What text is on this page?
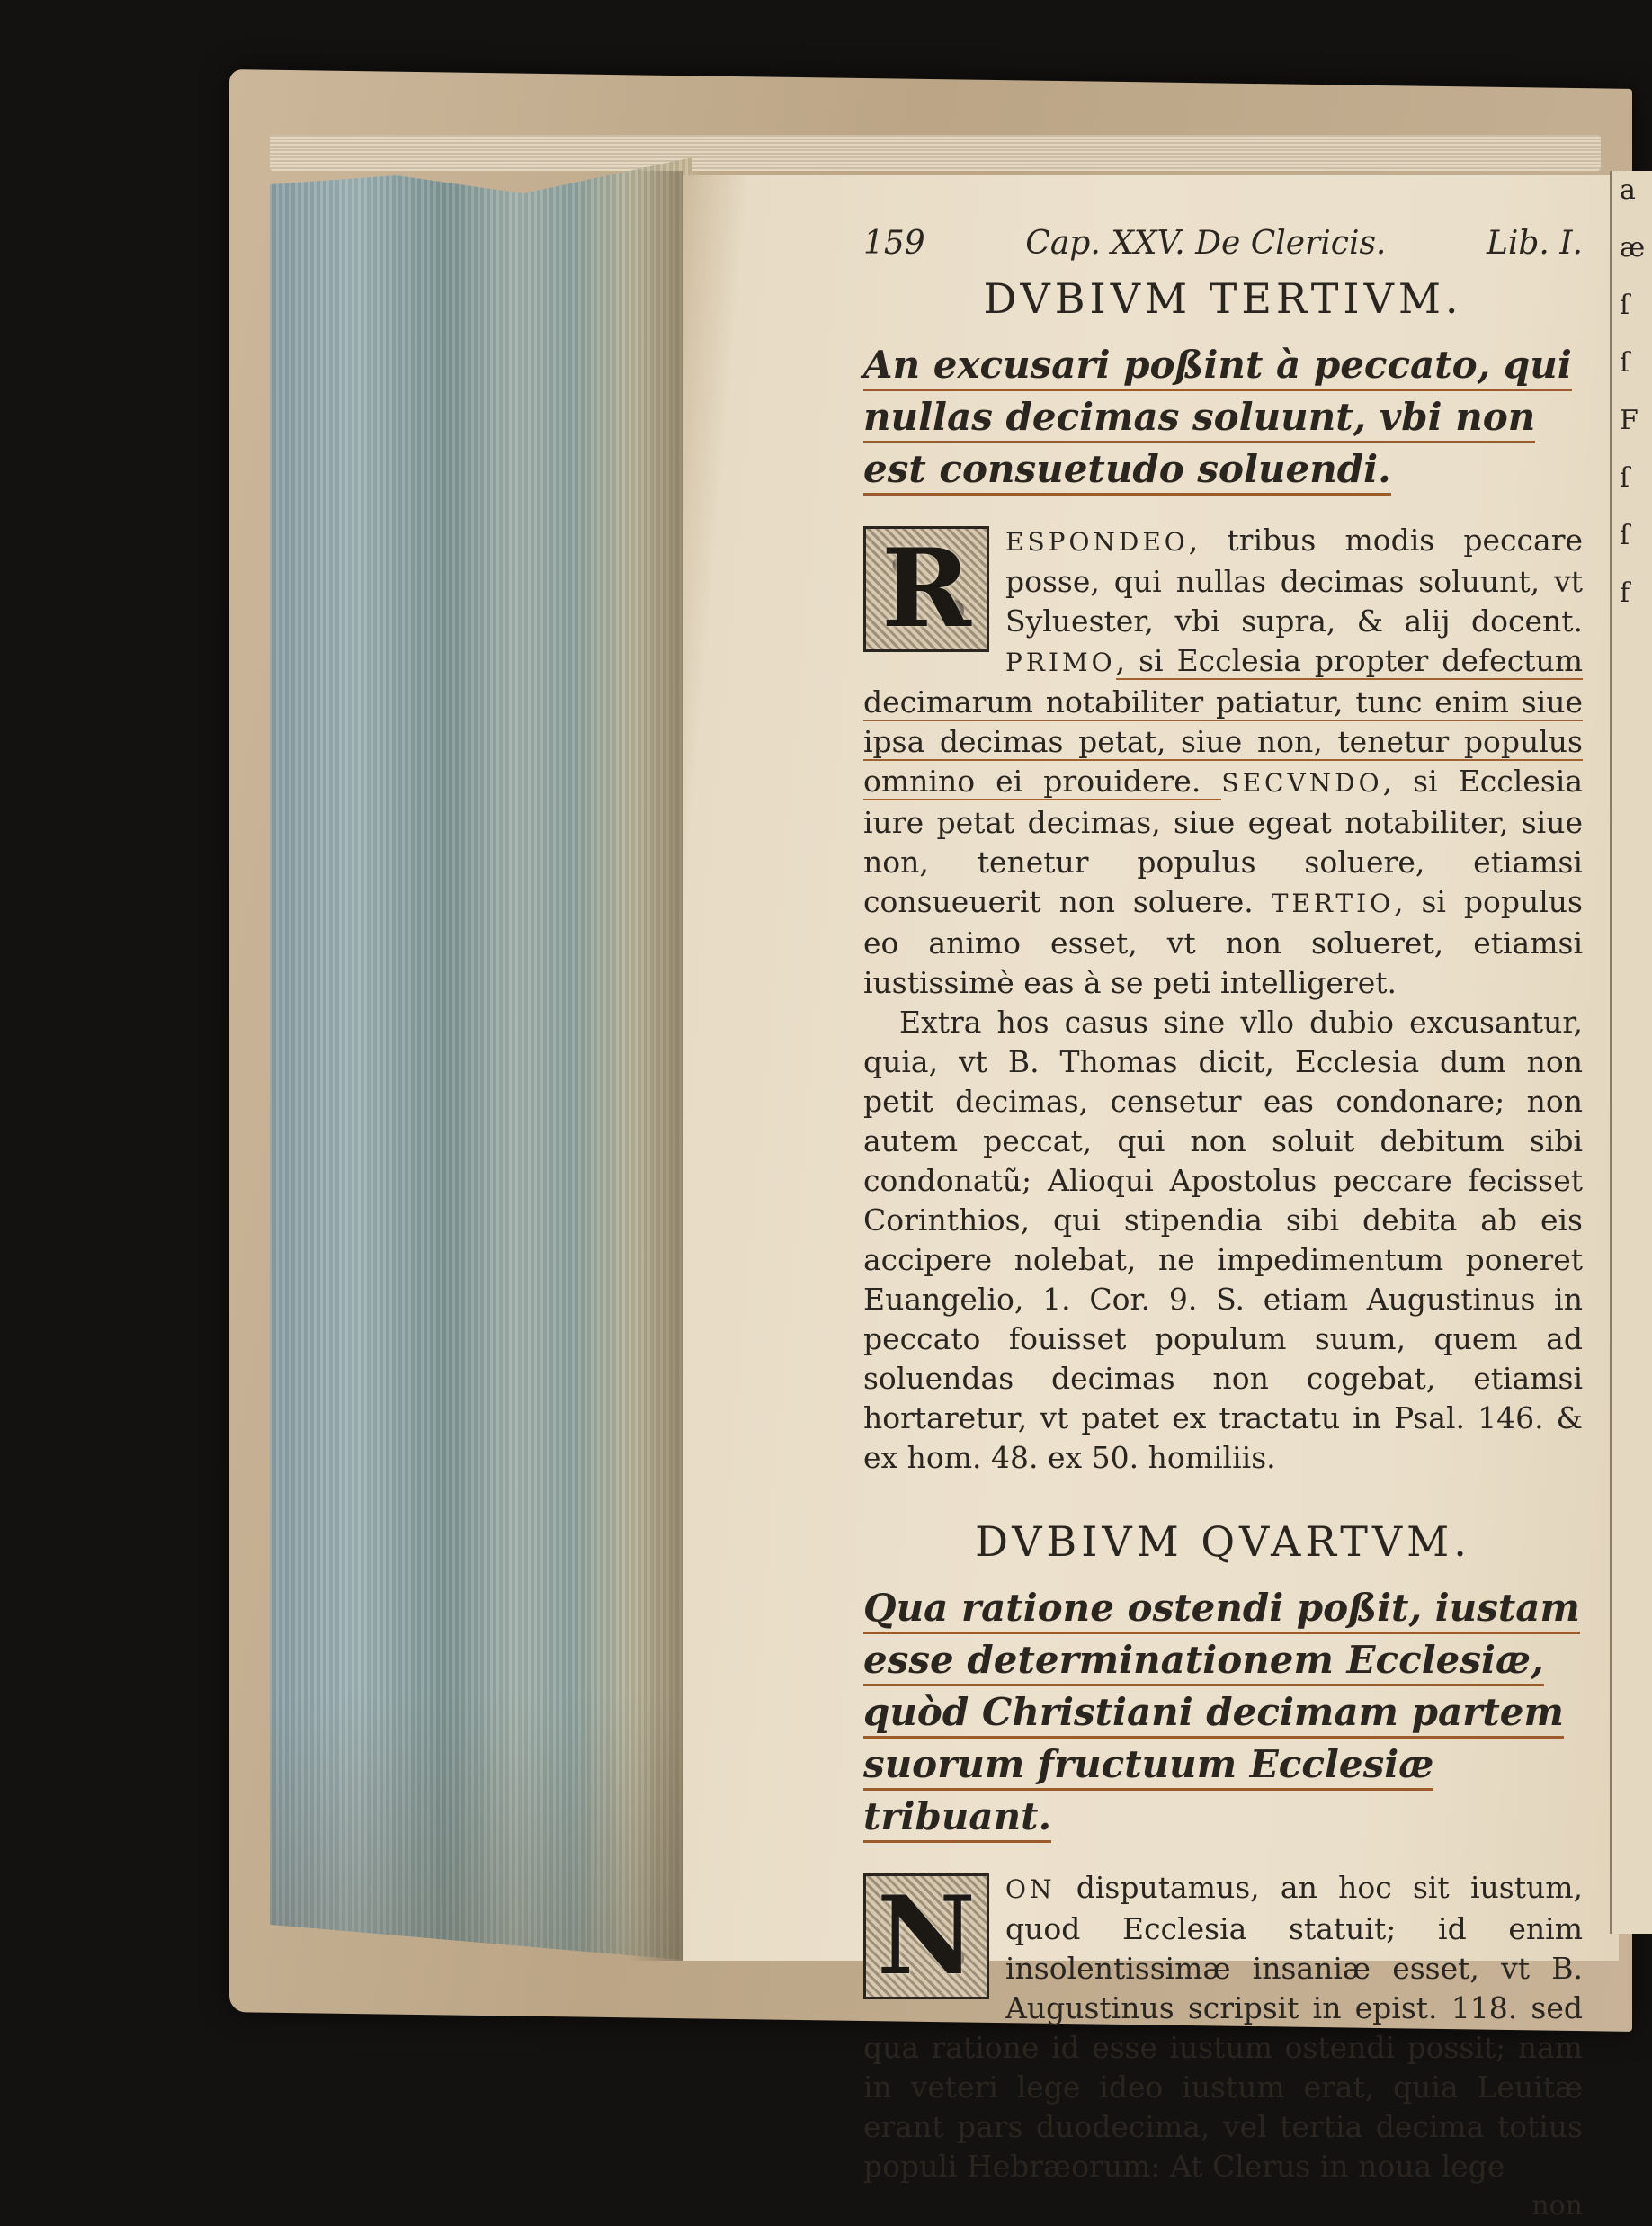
a
æ
ſ
ſ
F
ſ
ſ
f
159	Cap. XXV. De Clericis.	Lib. I.
DVBIVM TERTIVM.

An excusari poßint à peccato, qui nullas decimas soluunt, vbi non est consuetudo soluendi.

R ESPONDEO, tribus modis peccare posse, qui nullas decimas soluunt, vt Syluester, vbi supra, & alij docent. PRIMO, si Ecclesia propter defectum decimarum notabiliter patiatur, tunc enim siue ipsa decimas petat, siue non, tenetur populus omnino ei prouidere. SECVNDO, si Ecclesia iure petat decimas, siue egeat notabiliter, siue non, tenetur populus soluere, etiamsi consueuerit non soluere. TERTIO, si populus eo animo esset, vt non solueret, etiamsi iustissimè eas à se peti intelligeret.

Extra hos casus sine vllo dubio excusantur, quia, vt B. Thomas dicit, Ecclesia dum non petit decimas, censetur eas condonare; non autem peccat, qui non soluit debitum sibi condonatũ; Alioqui Apostolus peccare fecisset Corinthios, qui stipendia sibi debita ab eis accipere nolebat, ne impedimentum poneret Euangelio, 1. Cor. 9. S. etiam Augustinus in peccato fouisset populum suum, quem ad soluendas decimas non cogebat, etiamsi hortaretur, vt patet ex tractatu in Psal. 146. & ex hom. 48. ex 50. homiliis.

DVBIVM QVARTVM.

Qua ratione ostendi poßit, iustam esse determinationem Ecclesiæ, quòd Christiani decimam partem suorum fructuum Ecclesiæ tribuant.

N ON disputamus, an hoc sit iustum, quod Ecclesia statuit; id enim insolentissimæ insaniæ esset, vt B. Augustinus scripsit in epist. 118. sed qua ratione id esse iustum ostendi possit; nam in veteri lege ideo iustum erat, quia Leuitæ erant pars duodecima, vel tertia decima totius populi Hebræorum: At Clerus in noua lege

non
